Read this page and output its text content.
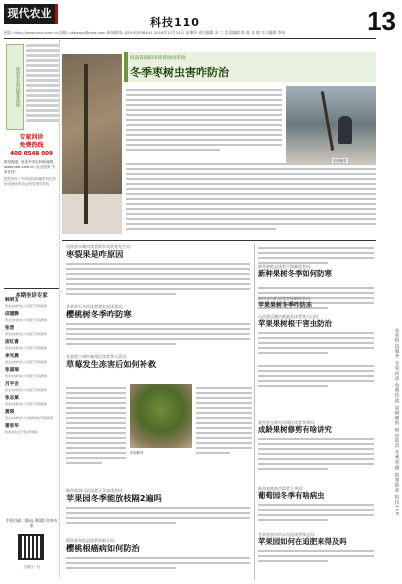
现代农业
科技110	13
网址: http://www.nkb.com.cn 投稿: nkbssgy@sina.com 新闻热线: 029-87038401 2016年11月24日 星期四 责任编辑 刘 兰 美术编辑 路 超 张 敏 实习编辑 李妍
陕西农业科技服务热线
专家问诊
免费热线
400 0548 009
微信搜索: 登录中国农科新闻网 www.nkb.com.cn 点击在线“专家在线”
把您发现 / 中国农科新闻网 科技热线·陕西现代农业科技指导热线
本期坐诊专家
韩明玉
西北农林科技大学园艺学院教授
邱德静
西北农林科技大学园艺学院教授
张晋
西北农林科技大学园艺学院教授
庞红喜
西北农林科技大学园艺学院教授
李光晨
西北农林科技大学园艺学院教授
张国瑞
西北农林科技大学园艺学院教授
吕平会
西北农林科技大学园艺学院教授
张志斌
西北农林科技大学园艺学院教授
黄瑛
西北农林科技大学植物保护学院教授
雷家华
陕西省农业厅果业管理局
手机扫描二维码 用QQ 咨询专家
上网扫一扫
河南省洛阳市读者徐同华问:
冬季枣树虫害咋防治
枣树修剪
河南省永城市读者薛乡读者张先生问:
枣裂果是咋原因
甘肃省天水市读者胡宏光读者问:
樱桃树冬季咋防寒
甘肃省兰州市秦州区读者李小武问:
草莓发生冻害后如何补救
枣树修剪
陕西省洛川县读者王学南读者问:
苹果园冬季能放枝隔2遍吗
陕西省旬邑县读者孙新立问:
樱桃根癌病如何防治
陕西省乾县读者王海量读者问:
新种果树冬季如何防寒
山西省运城市临猗县读者张大山问:
苹果果树根干害虫防治
陕西省宝鸡市凤翔区读者李华问:
成龄果树修剪有啥讲究
陕西省商洛市读者王华问:
葡萄园冬季有啥病虫
甘肃省金昌市永昌县读者杨志问:
苹果园如何在追肥来得及吗
陕西省旬阳县读者杨新读者问:
苹果果树冬季咋防冻
农业科技服务 专家问诊 免费热线 果树修剪 病虫防治 冬季管理 防寒防冻 科技110
